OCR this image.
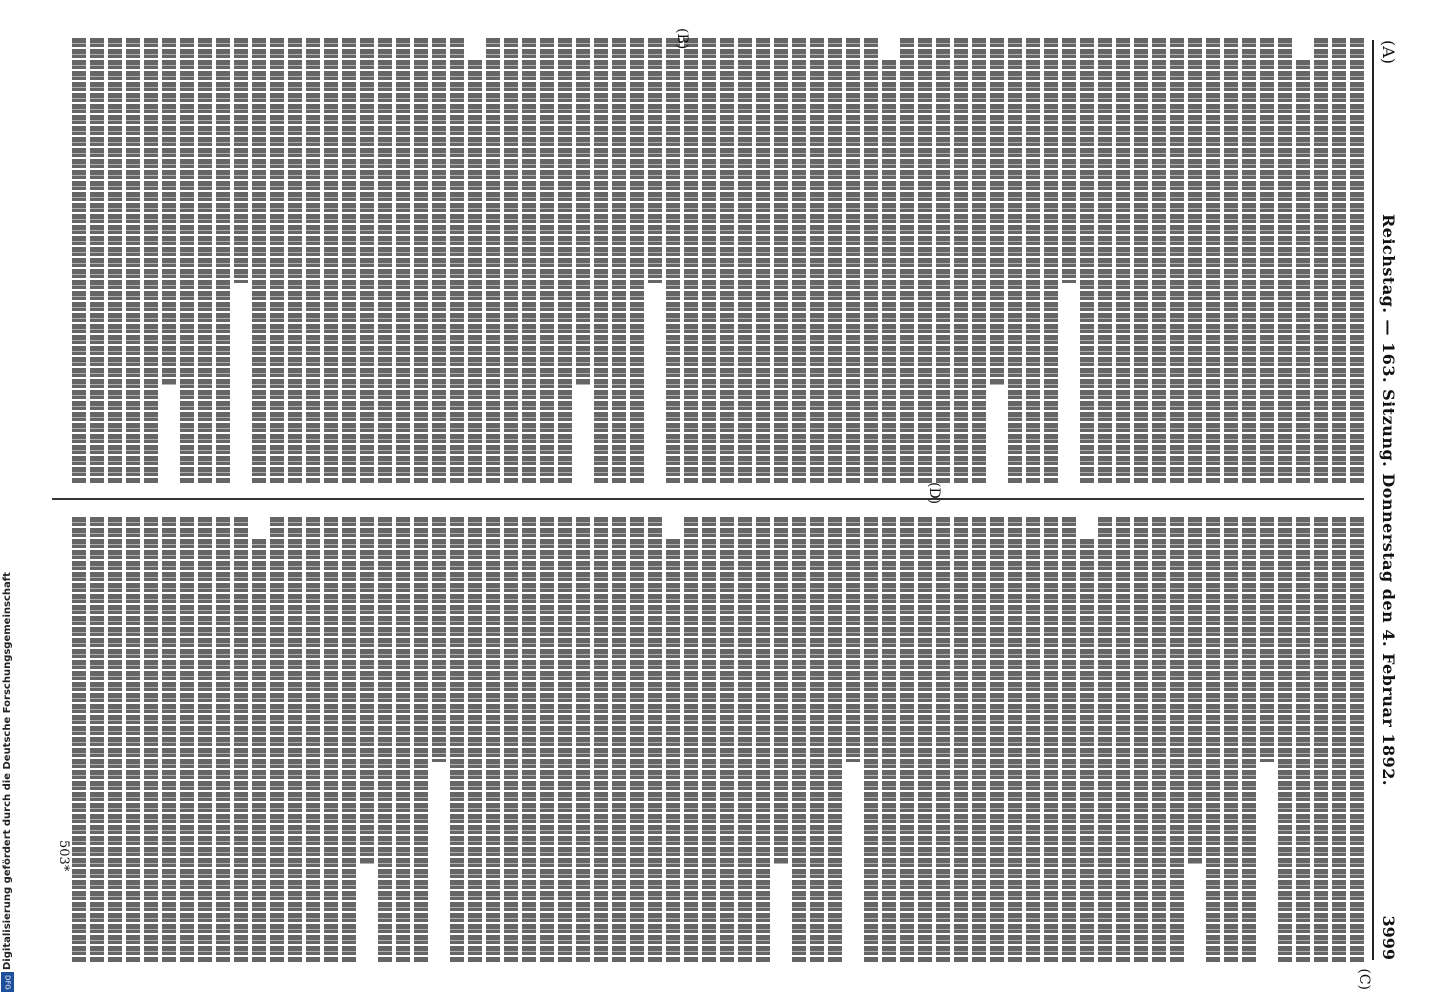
Digitalisierung gefördert durch die Deutsche Forschungsgemeinschaft
DFG
(A)
Reichstag. — 163. Sitzung. Donnerstag den 4. Februar 1892.
3999
(D)
(C)
503*
(B)
